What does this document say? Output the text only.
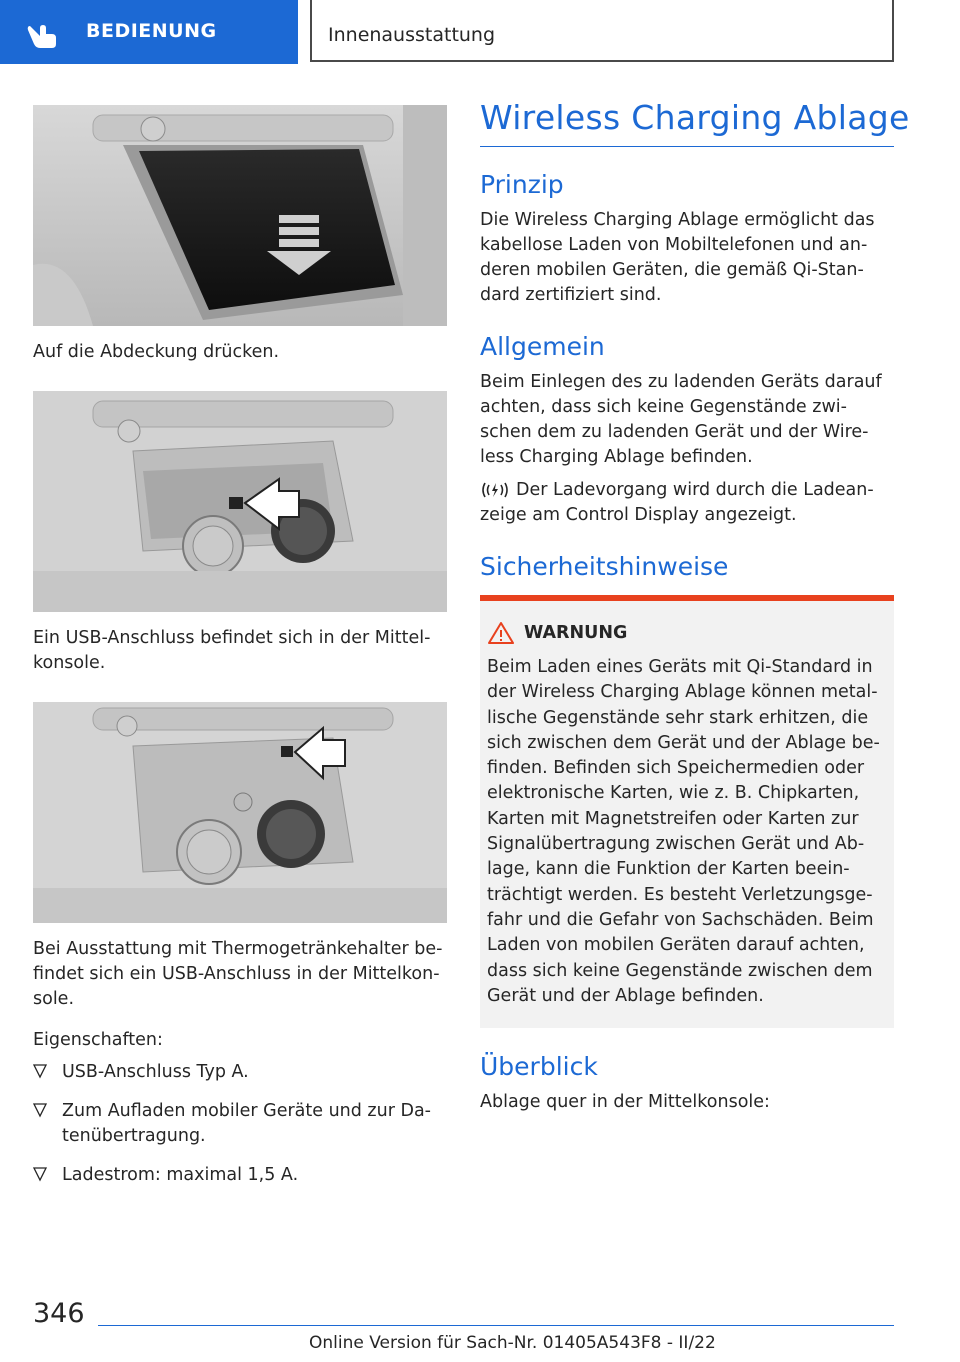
BEDIENUNG	Innenausstattung
Auf die Abdeckung drücken.
Ein USB-Anschluss befindet sich in der Mittel-konsole.
Bei Ausstattung mit Thermogetränkehalter be-findet sich ein USB-Anschluss in der Mittelkon-sole.
Eigenschaften:
USB-Anschluss Typ A.
Zum Aufladen mobiler Geräte und zur Da-tenübertragung.
Ladestrom: maximal 1,5 A.
Wireless Charging Ablage
Prinzip
Die Wireless Charging Ablage ermöglicht das kabellose Laden von Mobiltelefonen und an-deren mobilen Geräten, die gemäß Qi-Stan-dard zertifiziert sind.
Allgemein
Beim Einlegen des zu ladenden Geräts darauf achten, dass sich keine Gegenstände zwi-schen dem zu ladenden Gerät und der Wire-less Charging Ablage befinden.
Der Ladevorgang wird durch die Ladean-zeige am Control Display angezeigt.
Sicherheitshinweise
WARNUNG
Beim Laden eines Geräts mit Qi-Standard in der Wireless Charging Ablage können metal-lische Gegenstände sehr stark erhitzen, die sich zwischen dem Gerät und der Ablage be-finden. Befinden sich Speichermedien oder elektronische Karten, wie z. B. Chipkarten, Karten mit Magnetstreifen oder Karten zur Signalübertragung zwischen Gerät und Ab-lage, kann die Funktion der Karten beein-trächtigt werden. Es besteht Verletzungsge-fahr und die Gefahr von Sachschäden. Beim Laden von mobilen Geräten darauf achten, dass sich keine Gegenstände zwischen dem Gerät und der Ablage befinden.
Überblick
Ablage quer in der Mittelkonsole:
346
Online Version für Sach-Nr. 01405A543F8 - II/22
